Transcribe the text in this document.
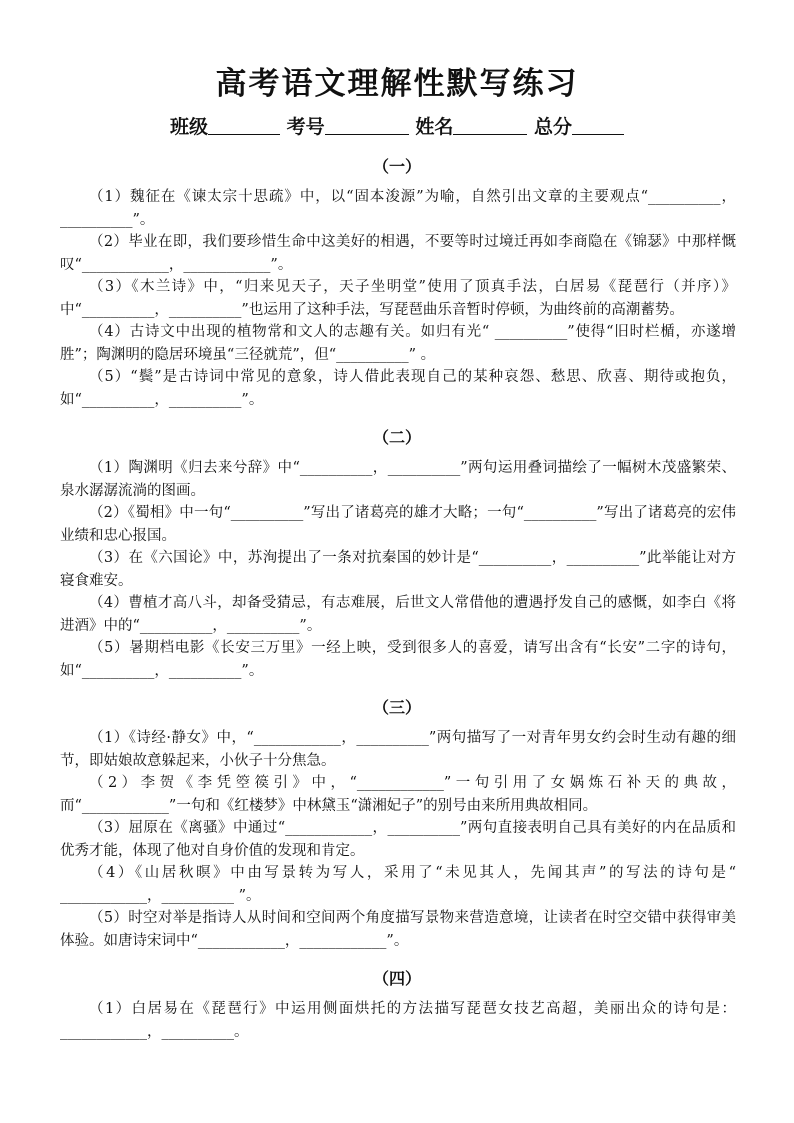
高考语文理解性默写练习
班级	考号	姓名	总分
（一）

（1）魏征在《谏太宗十思疏》中，以“固本浚源”为喻，自然引出文章的主要观点“__________，__________”。

（2）毕业在即，我们要珍惜生命中这美好的相遇，不要等时过境迁再如李商隐在《锦瑟》中那样慨叹“____________，____________”。

（3）《木兰诗》中，“归来见天子，天子坐明堂”使用了顶真手法，白居易《琵琶行（并序）》中“__________，__________”也运用了这种手法，写琵琶曲乐音暂时停顿，为曲终前的高潮蓄势。

（4）古诗文中出现的植物常和文人的志趣有关。如归有光“ __________”使得“旧时栏楯，亦遂增胜”；陶渊明的隐居环境虽“三径就荒”，但“__________” 。

（5）“鬓”是古诗词中常见的意象，诗人借此表现自己的某种哀怨、愁思、欣喜、期待或抱负，如“__________，__________”。

（二）

（1）陶渊明《归去来兮辞》中“__________，__________”两句运用叠词描绘了一幅树木茂盛繁荣、泉水潺潺流淌的图画。

（2）《蜀相》中一句“__________”写出了诸葛亮的雄才大略；一句“__________”写出了诸葛亮的宏伟业绩和忠心报国。

（3）在《六国论》中，苏洵提出了一条对抗秦国的妙计是“__________，__________”此举能让对方寝食难安。

（4）曹植才高八斗，却备受猜忌，有志难展，后世文人常借他的遭遇抒发自己的感慨，如李白《将进酒》中的“__________，__________”。

（5）暑期档电影《长安三万里》一经上映，受到很多人的喜爱，请写出含有“长安”二字的诗句，如“__________，__________”。

（三）

（1）《诗经·静女》中，“____________，__________”两句描写了一对青年男女约会时生动有趣的细节，即姑娘故意躲起来，小伙子十分焦急。

（2）李贺《李凭箜篌引》中，“____________”一句引用了女娲炼石补天的典故，而“____________”一句和《红楼梦》中林黛玉“潇湘妃子”的别号由来所用典故相同。

（3）屈原在《离骚》中通过“____________，__________”两句直接表明自己具有美好的内在品质和优秀才能，体现了他对自身价值的发现和肯定。

（4）《山居秋暝》中由写景转为写人，采用了“未见其人，先闻其声”的写法的诗句是“ ____________，__________ ”。

（5）时空对举是指诗人从时间和空间两个角度描写景物来营造意境，让读者在时空交错中获得审美体验。如唐诗宋词中“____________，____________”。

（四）

（1）白居易在《琵琶行》中运用侧面烘托的方法描写琵琶女技艺高超，美丽出众的诗句是：____________，__________。
